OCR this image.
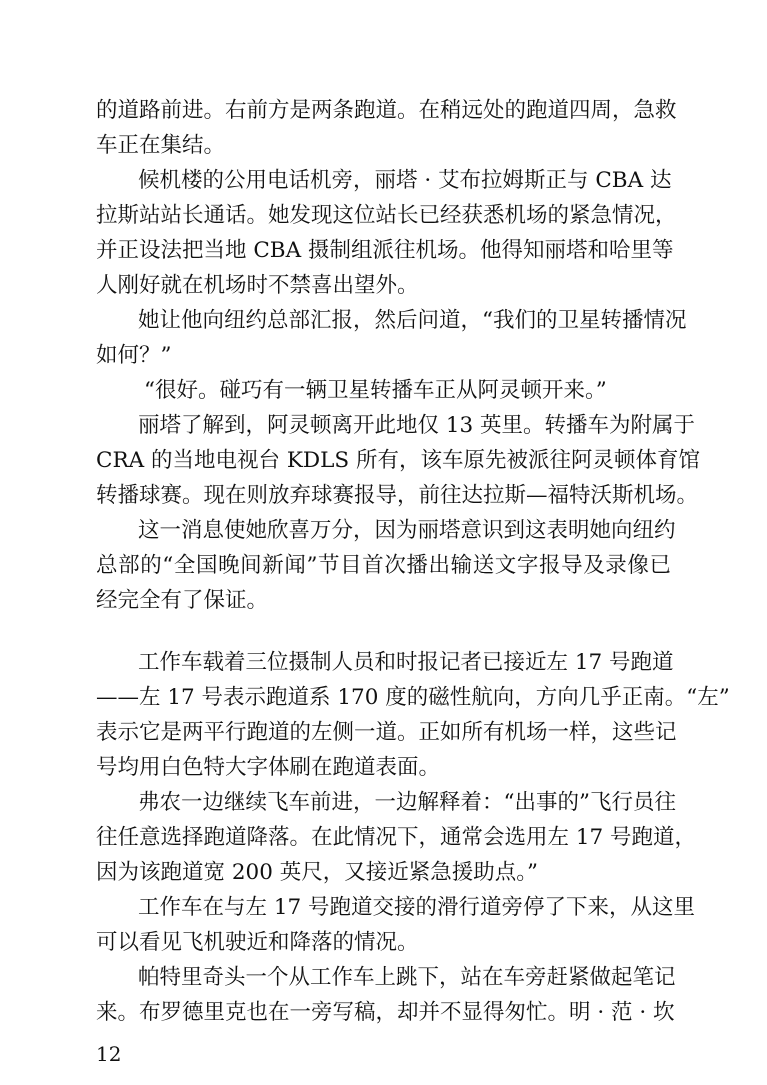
的道路前进。右前方是两条跑道。在稍远处的跑道四周，急救
车正在集结。
候机楼的公用电话机旁，丽塔 · 艾布拉姆斯正与 CBA 达
拉斯站站长通话。她发现这位站长已经获悉机场的紧急情况，
并正设法把当地 CBA 摄制组派往机场。他得知丽塔和哈里等
人刚好就在机场时不禁喜出望外。
她让他向纽约总部汇报，然后问道，“我们的卫星转播情况
如何？”
“很好。碰巧有一辆卫星转播车正从阿灵顿开来。”
丽塔了解到，阿灵顿离开此地仅 13 英里。转播车为附属于
CRA 的当地电视台 KDLS 所有，该车原先被派往阿灵顿体育馆
转播球赛。现在则放弃球赛报导，前往达拉斯—福特沃斯机场。
这一消息使她欣喜万分，因为丽塔意识到这表明她向纽约
总部的“全国晚间新闻”节目首次播出输送文字报导及录像已
经完全有了保证。
工作车载着三位摄制人员和时报记者已接近左 17 号跑道
——左 17 号表示跑道系 170 度的磁性航向，方向几乎正南。“左”
表示它是两平行跑道的左侧一道。正如所有机场一样，这些记
号均用白色特大字体刷在跑道表面。
弗农一边继续飞车前进，一边解释着：“出事的”飞行员往
往任意选择跑道降落。在此情况下，通常会选用左 17 号跑道，
因为该跑道宽 200 英尺，又接近紧急援助点。”
工作车在与左 17 号跑道交接的滑行道旁停了下来，从这里
可以看见飞机驶近和降落的情况。
帕特里奇头一个从工作车上跳下，站在车旁赶紧做起笔记
来。布罗德里克也在一旁写稿，却并不显得匆忙。明 · 范 · 坎
12
